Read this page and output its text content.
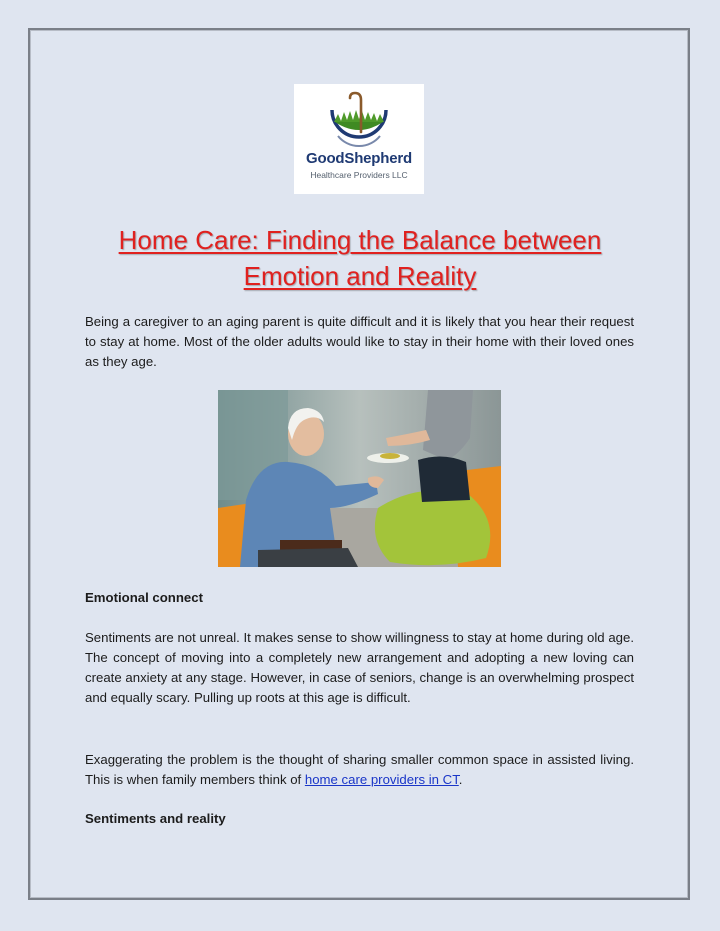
GoodShepherd
Healthcare Providers LLC
Home Care: Finding the Balance between
Emotion and Reality
Being a caregiver to an aging parent is quite difficult and it is likely that you hear their request to stay at home. Most of the older adults would like to stay in their home with their loved ones as they age.
Emotional connect
Sentiments are not unreal. It makes sense to show willingness to stay at home during old age. The concept of moving into a completely new arrangement and adopting a new loving can create anxiety at any stage. However, in case of seniors, change is an overwhelming prospect and equally scary. Pulling up roots at this age is difficult.
Exaggerating the problem is the thought of sharing smaller common space in assisted living. This is when family members think of home care providers in CT.
Sentiments and reality
